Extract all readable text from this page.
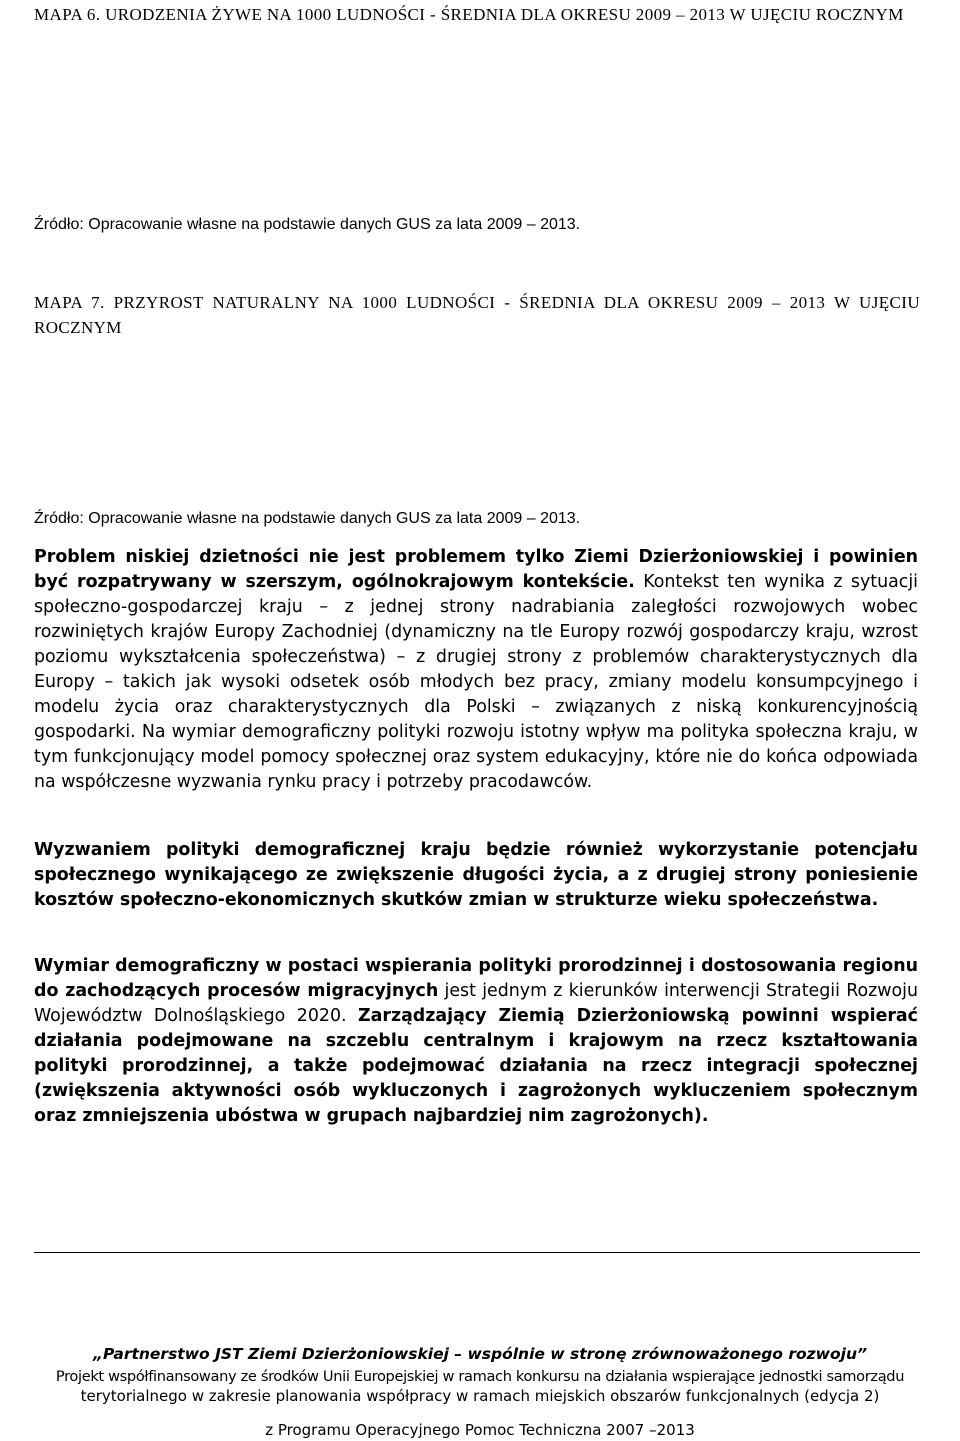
MAPA 6. URODZENIA ŻYWE NA 1000 LUDNOŚCI - ŚREDNIA DLA OKRESU 2009 – 2013 W UJĘCIU ROCZNYM

Źródło: Opracowanie własne na podstawie danych GUS za lata 2009 – 2013.

MAPA 7. PRZYROST NATURALNY NA 1000 LUDNOŚCI - ŚREDNIA DLA OKRESU 2009 – 2013 W UJĘCIU ROCZNYM

Źródło: Opracowanie własne na podstawie danych GUS za lata 2009 – 2013.

Problem niskiej dzietności nie jest problemem tylko Ziemi Dzierżoniowskiej i powinien być rozpatrywany w szerszym, ogólnokrajowym kontekście. Kontekst ten wynika z sytuacji społeczno-gospodarczej kraju – z jednej strony nadrabiania zaległości rozwojowych wobec rozwiniętych krajów Europy Zachodniej (dynamiczny na tle Europy rozwój gospodarczy kraju, wzrost poziomu wykształcenia społeczeństwa) – z drugiej strony z problemów charakterystycznych dla Europy – takich jak wysoki odsetek osób młodych bez pracy, zmiany modelu konsumpcyjnego i modelu życia oraz charakterystycznych dla Polski – związanych z niską konkurencyjnością gospodarki. Na wymiar demograficzny polityki rozwoju istotny wpływ ma polityka społeczna kraju, w tym funkcjonujący model pomocy społecznej oraz system edukacyjny, które nie do końca odpowiada na współczesne wyzwania rynku pracy i potrzeby pracodawców.

Wyzwaniem polityki demograficznej kraju będzie również wykorzystanie potencjału społecznego wynikającego ze zwiększenie długości życia, a z drugiej strony poniesienie kosztów społeczno-ekonomicznych skutków zmian w strukturze wieku społeczeństwa.

Wymiar demograficzny w postaci wspierania polityki prorodzinnej i dostosowania regionu do zachodzących procesów migracyjnych jest jednym z kierunków interwencji Strategii Rozwoju Województw Dolnośląskiego 2020. Zarządzający Ziemią Dzierżoniowską powinni wspierać działania podejmowane na szczeblu centralnym i krajowym na rzecz kształtowania polityki prorodzinnej, a także podejmować działania na rzecz integracji społecznej (zwiększenia aktywności osób wykluczonych i zagrożonych wykluczeniem społecznym oraz zmniejszenia ubóstwa w grupach najbardziej nim zagrożonych).

„Partnerstwo JST Ziemi Dzierżoniowskiej – wspólnie w stronę zrównoważonego rozwoju”

Projekt współfinansowany ze środków Unii Europejskiej w ramach konkursu na działania wspierające jednostki samorządu

terytorialnego w zakresie planowania współpracy w ramach miejskich obszarów funkcjonalnych (edycja 2)

z Programu Operacyjnego Pomoc Techniczna 2007 –2013
